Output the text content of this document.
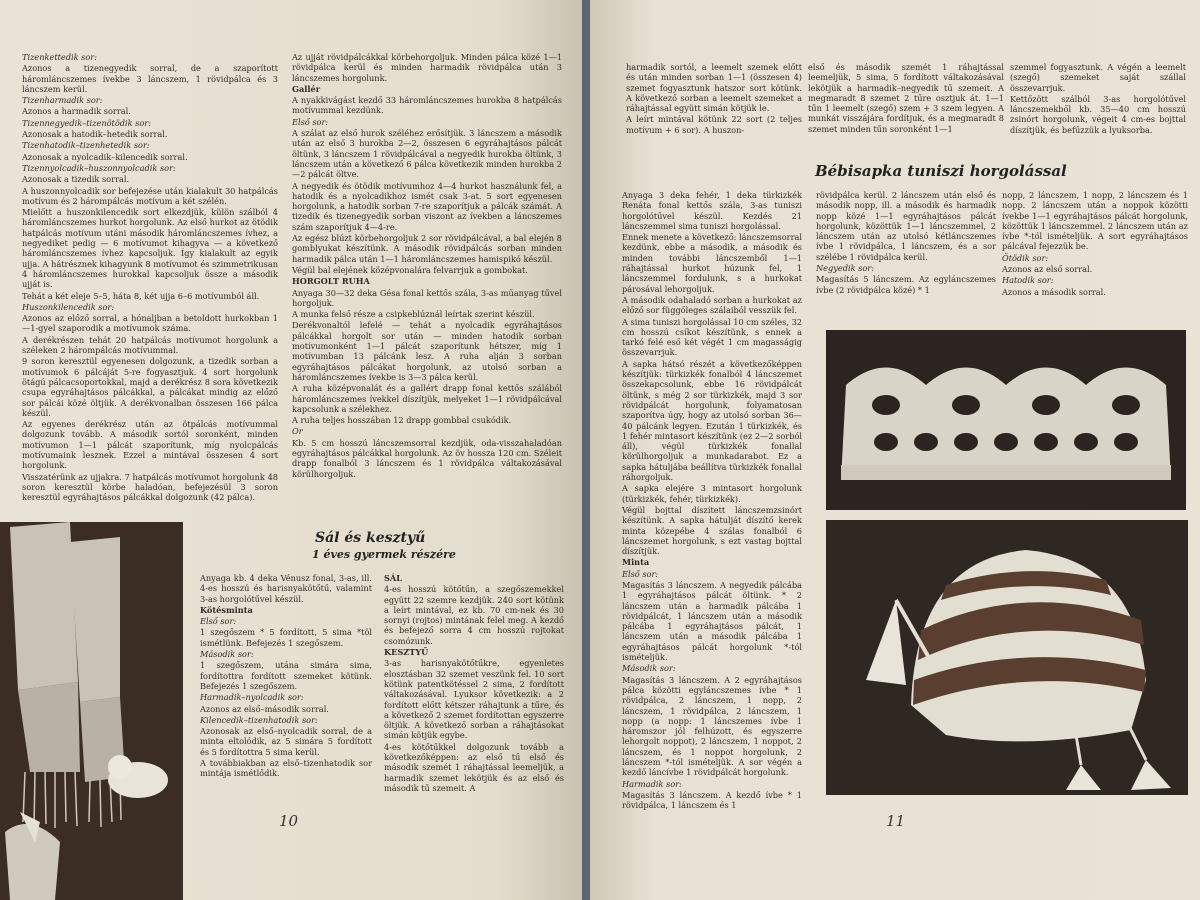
Tizenkettedik sor:

Azonos a tizenegyedik sorral, de a szaporított háromláncszemes ívekbe 3 láncszem, 1 rövidpálca és 3 láncszem kerül.

Tizenharmadik sor:

Azonos a harmadik sorral.

Tizennegyedik–tizenötödik sor:

Azonosak a hatodik–hetedik sorral.

Tizenhatodik–tizenhetedik sor:

Azonosak a nyolcadik–kilencedik sorral.

Tizennyolcadik–huszonnyolcadik sor:

Azonosak a tizedik sorral.

A huszonnyolcadik sor befejezése után kialakult 30 hatpálcás motívum és 2 hárompálcás motívum a két szélén.

Mielőtt a huszonkilencedik sort elkezdjük, külön szálból 4 háromláncszemes hurkot horgolunk. Az első hurkot az ötödik hatpálcás motívum utáni második háromláncszemes ívhez, a negyediket pedig — 6 motívumot kihagyva — a következő háromláncszemes ívhez kapcsoljuk. Így kialakult az egyik ujja. A hátrésznek kihagyunk 8 motívumot és szimmetrikusan 4 háromláncszemes hurokkal kapcsoljuk össze a második ujját is.

Tehát a két eleje 5–5, háta 8, két ujja 6–6 motívumból áll.

Huszonkilencedik sor:

Azonos az előző sorral, a hónaljban a betoldott hurkokban 1—1-gyel szaporodik a motívumok száma.

A derékrészen tehát 20 hatpálcás motívumot horgolunk a széleken 2 hárompálcás motívummal.

9 soron keresztül egyenesen dolgozunk, a tizedik sorban a motívumok 6 pálcáját 5-re fogyasztjuk. 4 sort horgolunk ötágú pálcacsoportokkal, majd a derékrész 8 sora következik csupa egyráhajtásos pálcákkal, a pálcákat mindig az előző sor pálcái közé öltjük. A derékvonalban összesen 166 pálca készül.

Az egyenes derékrész után az ötpálcás motívummal dolgozunk tovább. A második sortól soronként, minden motívumon 1—1 pálcát szaporítunk, míg nyolcpálcás motívumaink lesznek. Ezzel a mintával összesen 4 sort horgolunk.

Visszatérünk az ujjakra. 7 hatpálcás motívumot horgolunk 48 soron keresztül körbe haladóan, befejezésül 3 soron keresztül egyráhajtásos pálcákkal dolgozunk (42 pálca).

Az ujját rövidpálcákkal körbehorgoljuk. Minden pálca közé 1—1 rövidpálca kerül és minden harmadik rövidpálca után 3 láncszemes horgolunk.

Gallér

A nyakkivágást kezdő 33 háromláncszemes hurokba 8 hatpálcás motívummal kezdünk.

Első sor:

A szálat az első hurok széléhez erősítjük. 3 láncszem a második után az első 3 hurokba 2—2, összesen 6 egyráhajtásos pálcát öltünk, 3 láncszem 1 rövidpálcával a negyedik hurokba öltünk, 3 láncszem után a következő 6 pálca következik minden hurokba 2—2 pálcát öltve.

A negyedik és ötödik motívumhoz 4—4 hurkot használunk fel, a hatodik és a nyolcadikhoz ismét csak 3-at. 5 sort egyenesen horgolunk, a hatodik sorban 7-re szaporítjuk a pálcák számát. A tizedik és tizenegyedik sorban viszont az ívekben a láncszemes szám szaporítjuk 4—4-re.

Az egész blúzt körbehorgoljuk 2 sor rövidpálcával, a bal elején 8 gomblyukat készítünk. A második rövidpálcás sorban minden harmadik pálca után 1—1 háromláncszemes hamispikó készül.

Végül bal elejének középvonalára felvarrjuk a gombokat.

HORGOLT RUHA

Anyaga 30—32 deka Gésa fonal kettős szála, 3-as műanyag tűvel horgoljuk.

A munka felső része a csipkeblúznál leírtak szerint készül.

Derékvonaltól lefelé — tehát a nyolcadik egyráhajtásos pálcákkal horgolt sor után — minden hatodik sorban motívumonként 1—1 pálcát szaporítunk hétszer, míg 1 motívumban 13 pálcánk lesz. A ruha alján 3 sorban egyráhajtásos pálcákat horgolunk, az utolsó sorban a háromláncszemes ívekbe is 3—3 pálca kerül.

A ruha középvonalát és a gallért drapp fonal kettős szálából háromláncszemes ívekkel díszítjük, melyeket 1—1 rövidpálcával kapcsolunk a szélekhez.

A ruha teljes hosszában 12 drapp gombbal csukódik.

Or

Kb. 5 cm hosszú láncszemsorral kezdjük, oda-visszahaladóan egyráhajtásos pálcákkal horgolunk. Az öv hossza 120 cm. Széleit drapp fonalból 3 láncszem és 1 rövidpálca váltakozásával körülhorgoljuk.

Sál és kesztyű
1 éves gyermek részére

Anyaga kb. 4 deka Vénusz fonal, 3-as, ill. 4-es hosszú és harisnyakötőtű, valamint 3-as horgolótűvel készül.

Kötésminta

Első sor:

1 szegőszem * 5 fordított, 5 sima *töl ismétlünk. Befejezés 1 szegőszem.

Második sor:

1 szegőszem, utána simára sima, fordítottra fordított szemeket kötünk. Befejezés 1 szegőszem.

Harmadik–nyolcadik sor:

Azonos az első–második sorral.

Kilencedik–tizenhatodik sor:

Azonosak az első–nyolcadik sorral, de a minta eltolódik, az 5 simára 5 fordított és 5 fordítottra 5 sima kerül.

A továbbiakban az első–tizenhatodik sor mintája ismétlődik.

SÁL

4-es hosszú kötőtűn, a szegőszemekkel együtt 22 szemre kezdjük. 240 sort kötünk a leírt mintával, ez kb. 70 cm-nek és 30 sornyi (rojtos) mintának felel meg. A kezdő és befejező sorra 4 cm hosszú rojtokat csomózunk.

KESZTYŰ

3-as harisnyakötőtűkre, egyenletes elosztásban 32 szemet veszünk fel. 10 sort kötünk patentkötéssel 2 sima, 2 fordított váltakozásával. Lyuksor következik: a 2 fordított előtt kétszer ráhajtunk a tűre, és a következő 2 szemet fordítottan egyszerre öltjük. A következő sorban a ráhajtásokat simán kötjük egybe.

4-es kötőtűkkel dolgozunk tovább a következőképpen: az első tű első és második szemét 1 ráhajtással leemeljük, a harmadik szemet lekötjük és az első és második tű szemeit. A

10

harmadik sortól, a leemelt szemek előtt és után minden sorban 1—1 (összesen 4) szemet fogyasztunk hatszor sort kötünk. A következő sorban a leemelt szemeket a ráhajtással együtt simán kötjük le.

A leírt mintával kötünk 22 sort (2 teljes motívum + 6 sor). A huszon-

első és második szemét 1 ráhajtással leemeljük, 5 sima, 5 fordított váltakozásával lekötjük a harmadik–negyedik tű szemeit. A megmaradt 8 szemet 2 tűre osztjuk át. 1—1 tűn 1 leemelt (szegő) szem + 3 szem legyen. A munkát visszájára fordítjuk, és a megmaradt 8 szemet minden tűn soronként 1—1

szemmel fogyasztunk. A végén a leemelt (szegő) szemeket saját szállal összevarrjuk.

Kettőzött szálból 3-as horgolótűvel láncszemekből kb. 35—40 cm hosszú zsinórt horgolunk, végeit 4 cm-es bojttal díszítjük, és befűzzük a lyuksorba.

Bébisapka tuniszi horgolással

Anyaga 3 deka fehér, 1 deka türkizkék Renáta fonal kettős szála, 3-as tuniszi horgolótűvel készül. Kezdés 21 láncszemmel sima tuniszi horgolással.

Ennek menete a következő: láncszemsorral kezdünk, ebbe a második, a második és minden további láncszemből 1—1 ráhajtással hurkot húzunk fel, 1 láncszemmel fordulunk, s a hurkokat párosával lehorgoljuk.

A második odahaladó sorban a hurkokat az előző sor függőleges szálaiból vesszük fel.

A sima tuniszi horgolással 10 cm széles, 32 cm hosszú csíkot készítünk, s ennek a tarkó felé eső két végét 1 cm magasságig összevarrjuk.

A sapka hátsó részét a következőképpen készítjük: türkizkék fonalból 4 láncszemet összekapcsolunk, ebbe 16 rövidpálcát öltünk, s még 2 sor türkizkék, majd 3 sor rövidpálcát horgolunk, folyamatosan szaporítva úgy, hogy az utolsó sorban 36—40 pálcánk legyen. Ezután 1 türkizkék, és 1 fehér mintasort készítünk (ez 2—2 sorból áll), végül türkizkék fonallal körülhorgoljuk a munkadarabot. Ez a sapka hátuljába beállítva türkizkék fonallal ráhorgoljuk.

A sapka elejére 3 mintasort horgolunk (türkizkék, fehér, türkizkék).

Végül bojttal díszített láncszemzsinórt készítünk. A sapka hátulját díszítő kerek minta közepébe 4 szálas fonalból 6 láncszemet horgolunk, s ezt vastag bojttal díszítjük.

Minta

Első sor:

Magasítás 3 láncszem. A negyedik pálcába 1 egyráhajtásos pálcát öltünk. * 2 láncszem után a harmadik pálcába 1 rövidpálcát, 1 láncszem után a második pálcába 1 egyráhajtásos pálcát, 1 láncszem után a második pálcába 1 egyráhajtásos pálcát horgolunk *-tól ismételjük.

Második sor:

Magasítás 3 láncszem. A 2 egyráhajtásos pálca közötti egyláncszemes ívbe * 1 rövidpálca, 2 láncszem, 1 nopp, 2 láncszem, 1 rövidpálca, 2 láncszem, 1 nopp (a nopp: 1 láncszemes ívbe 1 háromszor jól felhúzott, és egyszerre lehorgolt noppot), 2 láncszem, 1 noppot, 2 láncszem, és 1 noppot horgolunk, 2 láncszem *-tól ismételjük. A sor végén a kezdő láncívbe 1 rövidpálcát horgolunk.

Harmadik sor:

Magasítás 3 láncszem. A kezdő ívbe * 1 rövidpálca, 1 láncszem és 1

rövidpálca kerül. 2 láncszem után első és második nopp, ill. a második és harmadik nopp közé 1—1 egyráhajtásos pálcát horgolunk, közöttük 1—1 láncszemmel, 2 láncszem után az utolsó kétláncszemes ívbe 1 rövidpálca, 1 láncszem, és a sor szélébe 1 rövidpálca kerül.

Negyedik sor:

Magasítás 5 láncszem. Az egyláncszemes ívbe (2 rövidpálca közé) * 1

nopp, 2 láncszem, 1 nopp, 2 láncszem és 1 nopp. 2 láncszem után a noppok közötti ívekbe 1—1 egyráhajtásos pálcát horgolunk, közöttük 1 láncszemmel. 2 láncszem után az ívbe *-tól ismételjük. A sort egyráhajtásos pálcával fejezzük be.

Ötödik sor:

Azonos az első sorral.

Hatodik sor:

Azonos a második sorral.

11
